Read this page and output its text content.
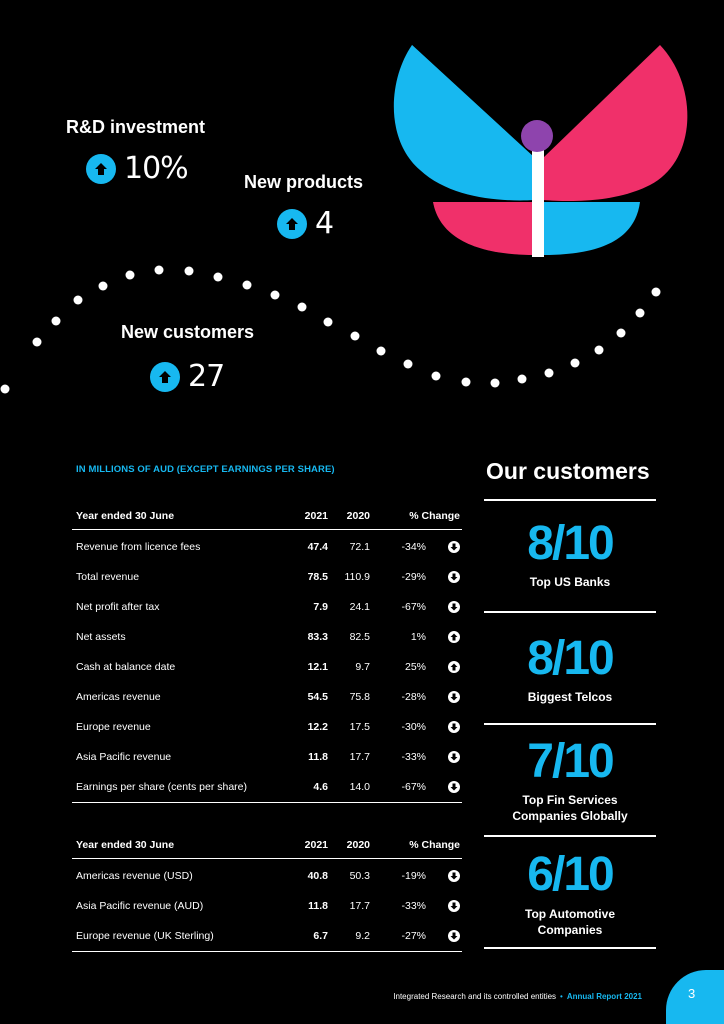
R&D investment
10%	New products
4
New customers
27
IN MILLIONS OF AUD (EXCEPT EARNINGS PER SHARE)
Year ended 30 June	2021	2020	% Change
Revenue from licence fees	47.4	72.1	-34%
Total revenue	78.5	110.9	-29%
Net profit after tax	7.9	24.1	-67%
Net assets	83.3	82.5	1%
Cash at balance date	12.1	9.7	25%
Americas revenue	54.5	75.8	-28%
Europe revenue	12.2	17.5	-30%
Asia Pacific revenue	11.8	17.7	-33%
Earnings per share (cents per share)	4.6	14.0	-67%
Year ended 30 June	2021	2020	% Change
Americas revenue (USD)	40.8	50.3	-19%
Asia Pacific revenue (AUD)	11.8	17.7	-33%
Europe revenue (UK Sterling)	6.7	9.2	-27%
Our customers
8/10
Top US Banks
8/10
Biggest Telcos
7/10
Top Fin Services
Companies Globally
6/10
Top Automotive
Companies
Integrated Research and its controlled entities • Annual Report 2021	3
